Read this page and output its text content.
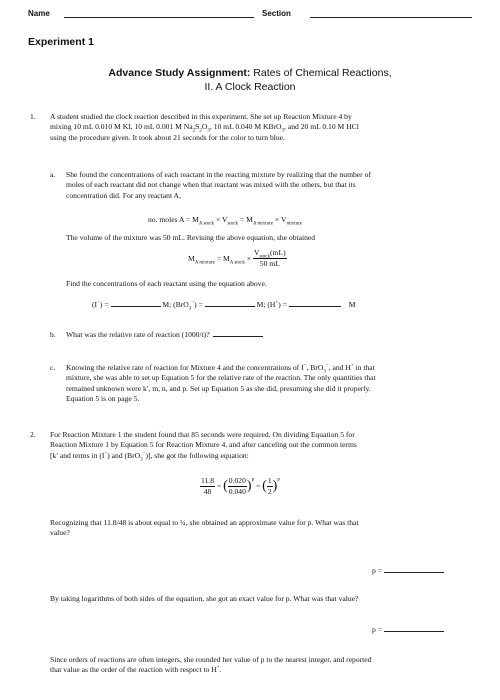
Name	Section
Experiment 1
Advance Study Assignment: Rates of Chemical Reactions,
II. A Clock Reaction
1. A student studied the clock reaction described in this experiment. She set up Reaction Mixture 4 by
mixing 10 mL 0.010 M KI, 10 mL 0.001 M $Na_2S_2O_3$, 10 mL 0.040 M KBrO$_3$, and 20 mL 0.10 M HCl
using the procedure given. It took about 21 seconds for the color to turn blue.
a. She found the concentrations of each reactant in the reacting mixture by realizing that the number of
moles of each reactant did not change when that reactant was mixed with the others, but that its
concentration did. For any reactant A,
no. moles $A = M_{A stock} \times V_{stock} = M_{A mixture} \times V_{mixture}$
The volume of the mixture was 50 mL. Revising the above equation, she obtained
$M_{A mixture} = M_{A stock} \times \frac{V_{stock}(mL)}{50 mL}$
Find the concentrations of each reactant using the equation above.
(I−) =	M; (BrO$_3$−) =	M; (H+) =	M
b. What was the relative rate of reaction (1000/t)?
c. Knowing the relative rate of reaction for Mixture 4 and the concentrations of I−, BrO$_3$−, and H+ in that
mixture, she was able to set up Equation 5 for the relative rate of the reaction. The only quantities that
remained unknown were k′, m, n, and p. Set up Equation 5 as she did, presuming she did it properly.
Equation 5 is on page 5.
2. For Reaction Mixture 1 the student found that 85 seconds were required. On dividing Equation 5 for
Reaction Mixture 1 by Equation 5 for Reaction Mixture 4, and after canceling out the common terms
[k′ and terms in (I−) and (BrO$_3$−)], she got the following equation:
$\frac{11.8}{48}$ = ( $\frac{0.020}{0.040} )^p$ = ( $\frac{1}{2} )^p$
Recognizing that 11.8/48 is about equal to ¼, she obtained an approximate value for p. What was that
value?
p =
By taking logarithms of both sides of the equation, she got an exact value for p. What was that value?
p =
Since orders of reactions are often integers, she rounded her value of p to the nearest integer, and reported
that value as the order of the reaction with respect to H+.
